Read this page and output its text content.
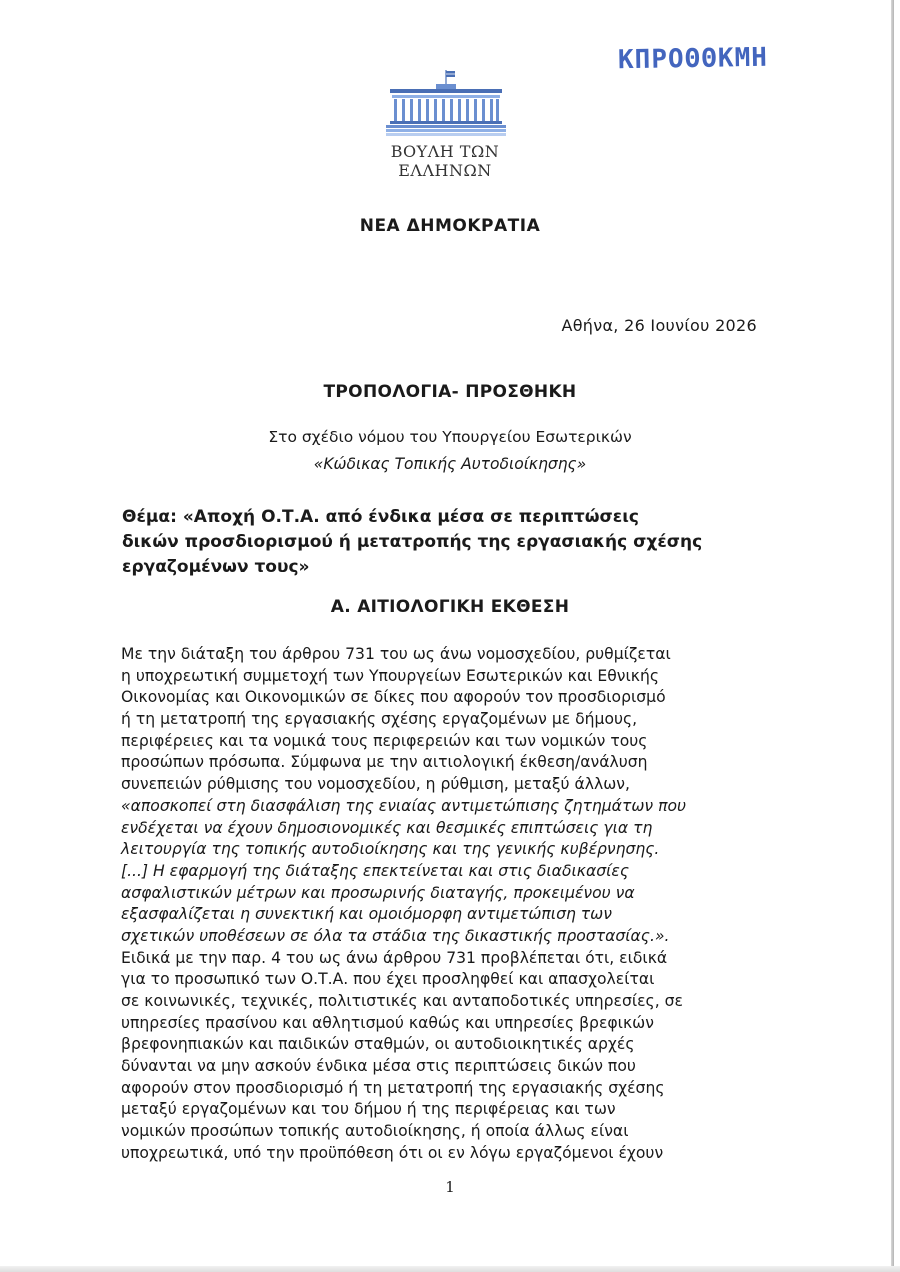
ΚΠΡΟΘΘΚΜΗ
ΒΟΥΛΗ ΤΩΝ ΕΛΛΗΝΩΝ
ΝΕΑ ΔΗΜΟΚΡΑΤΙΑ
Αθήνα, 26 Ιουνίου 2026
ΤΡΟΠΟΛΟΓΙΑ- ΠΡΟΣΘΗΚΗ
Στο σχέδιο νόμου του Υπουργείου Εσωτερικών
«Κώδικας Τοπικής Αυτοδιοίκησης»
Θέμα: «Αποχή Ο.Τ.Α. από ένδικα μέσα σε περιπτώσεις
δικών προσδιορισμού ή μετατροπής της εργασιακής σχέσης
εργαζομένων τους»
Α. ΑΙΤΙΟΛΟΓΙΚΗ ΕΚΘΕΣΗ
Με την διάταξη του άρθρου 731 του ως άνω νομοσχεδίου, ρυθμίζεται
η υποχρεωτική συμμετοχή των Υπουργείων Εσωτερικών και Εθνικής
Οικονομίας και Οικονομικών σε δίκες που αφορούν τον προσδιορισμό
ή τη μετατροπή της εργασιακής σχέσης εργαζομένων με δήμους,
περιφέρειες και τα νομικά τους περιφερειών και των νομικών τους
προσώπων πρόσωπα. Σύμφωνα με την αιτιολογική έκθεση/ανάλυση
συνεπειών ρύθμισης του νομοσχεδίου, η ρύθμιση, μεταξύ άλλων,
«αποσκοπεί στη διασφάλιση της ενιαίας αντιμετώπισης ζητημάτων που
ενδέχεται να έχουν δημοσιονομικές και θεσμικές επιπτώσεις για τη
λειτουργία της τοπικής αυτοδιοίκησης και της γενικής κυβέρνησης.
[...] Η εφαρμογή της διάταξης επεκτείνεται και στις διαδικασίες
ασφαλιστικών μέτρων και προσωρινής διαταγής, προκειμένου να
εξασφαλίζεται η συνεκτική και ομοιόμορφη αντιμετώπιση των
σχετικών υποθέσεων σε όλα τα στάδια της δικαστικής προστασίας.».
Ειδικά με την παρ. 4 του ως άνω άρθρου 731 προβλέπεται ότι, ειδικά
για το προσωπικό των Ο.Τ.Α. που έχει προσληφθεί και απασχολείται
σε κοινωνικές, τεχνικές, πολιτιστικές και ανταποδοτικές υπηρεσίες, σε
υπηρεσίες πρασίνου και αθλητισμού καθώς και υπηρεσίες βρεφικών
βρεφονηπιακών και παιδικών σταθμών, οι αυτοδιοικητικές αρχές
δύνανται να μην ασκούν ένδικα μέσα στις περιπτώσεις δικών που
αφορούν στον προσδιορισμό ή τη μετατροπή της εργασιακής σχέσης
μεταξύ εργαζομένων και του δήμου ή της περιφέρειας και των
νομικών προσώπων τοπικής αυτοδιοίκησης, ή οποία άλλως είναι
υποχρεωτικά, υπό την προϋπόθεση ότι οι εν λόγω εργαζόμενοι έχουν
1
